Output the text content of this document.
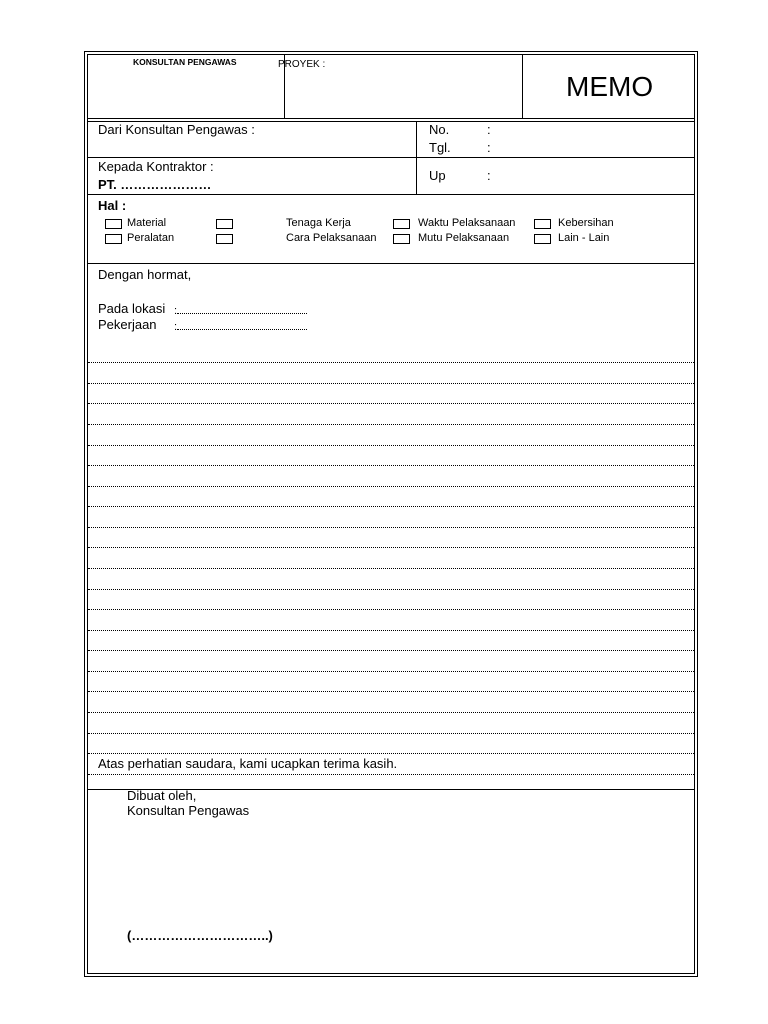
KONSULTAN PENGAWAS	PROYEK :
MEMO
Dari Konsultan Pengawas :	No.	:
Tgl.	:
Kepada Kontraktor :
PT. …………………
Up	:
Hal :
Material	Tenaga Kerja	Waktu Pelaksanaan	Kebersihan
Peralatan	Cara Pelaksanaan	Mutu Pelaksanaan	Lain - Lain
Dengan hormat,
Pada lokasi :
Pekerjaan :
Atas perhatian saudara, kami ucapkan terima kasih.
Dibuat oleh,
Konsultan Pengawas
(…………………………..)
